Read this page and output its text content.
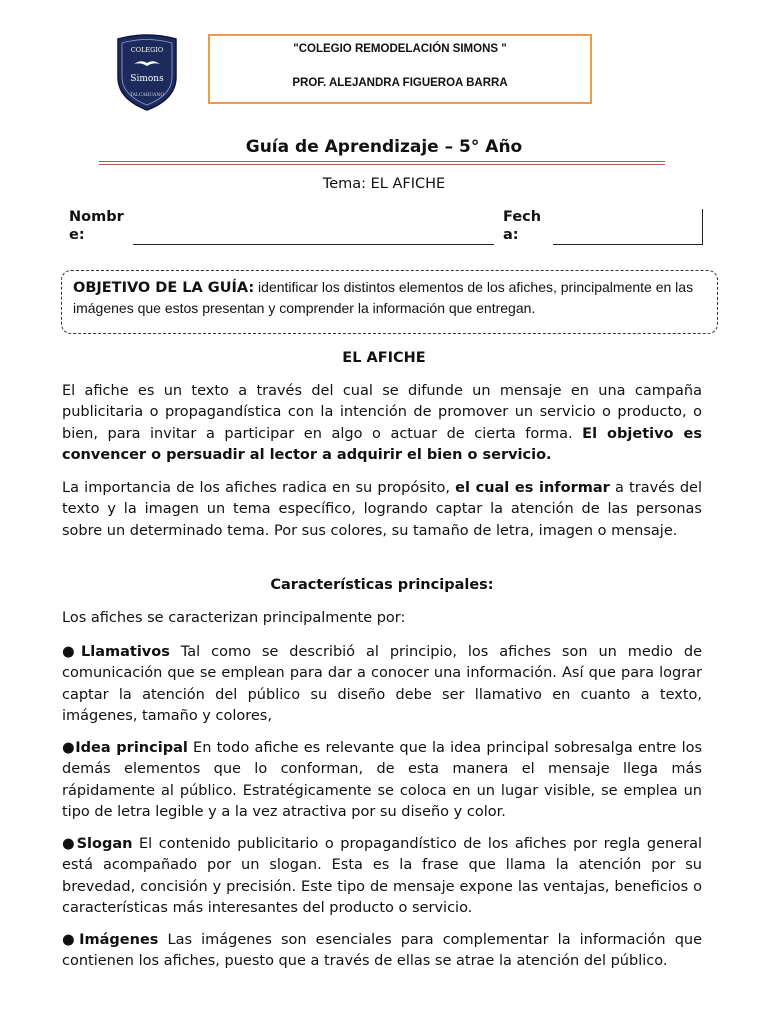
COLEGIO
Simons
TALCAHUANO
"COLEGIO REMODELACIÓN SIMONS "
PROF. ALEJANDRA FIGUEROA BARRA
Guía de Aprendizaje – 5° Año
Tema: EL AFICHE
Nombr
e:
Fech
a:
OBJETIVO DE LA GUÍA: identificar los distintos elementos de los afiches, principalmente en las imágenes que estos presentan y comprender la información que entregan.
EL AFICHE
El afiche es un texto a través del cual se difunde un mensaje en una campaña publicitaria o propagandística con la intención de promover un servicio o producto, o bien, para invitar a participar en algo o actuar de cierta forma. El objetivo es convencer o persuadir al lector a adquirir el bien o servicio.
La importancia de los afiches radica en su propósito, el cual es informar a través del texto y la imagen un tema específico, logrando captar la atención de las personas sobre un determinado tema. Por sus colores, su tamaño de letra, imagen o mensaje.
Características principales:
Los afiches se caracterizan principalmente por:
●Llamativos Tal como se describió al principio, los afiches son un medio de comunicación que se emplean para dar a conocer una información. Así que para lograr captar la atención del público su diseño debe ser llamativo en cuanto a texto, imágenes, tamaño y colores,
●Idea principal En todo afiche es relevante que la idea principal sobresalga entre los demás elementos que lo conforman, de esta manera el mensaje llega más rápidamente al público. Estratégicamente se coloca en un lugar visible, se emplea un tipo de letra legible y a la vez atractiva por su diseño y color.
●Slogan El contenido publicitario o propagandístico de los afiches por regla general está acompañado por un slogan. Esta es la frase que llama la atención por su brevedad, concisión y precisión. Este tipo de mensaje expone las ventajas, beneficios o características más interesantes del producto o servicio.
●Imágenes Las imágenes son esenciales para complementar la información que contienen los afiches, puesto que a través de ellas se atrae la atención del público.
